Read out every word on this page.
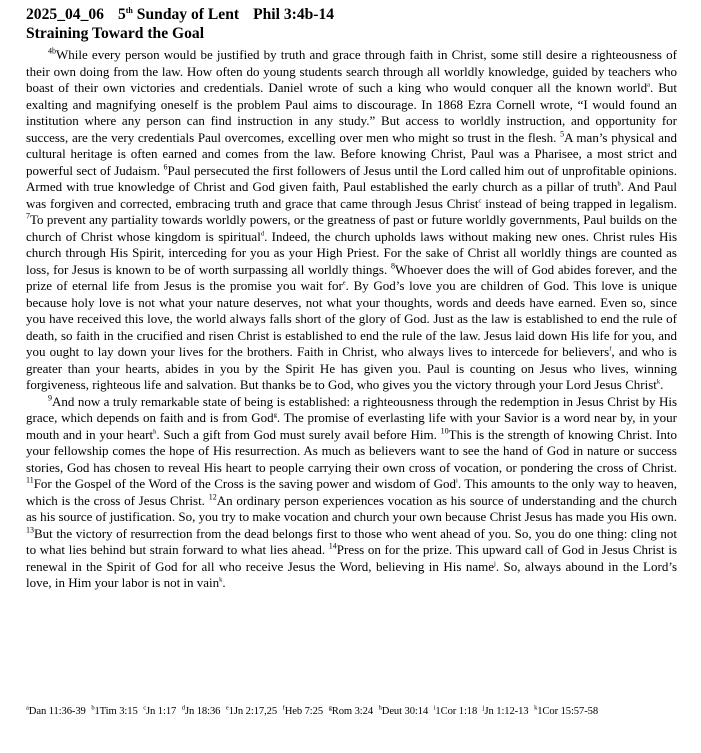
2025_04_06 5th Sunday of Lent Phil 3:4b-14
Straining Toward the Goal

$^{4b}$While every person would be justified by truth and grace through faith in Christ, some still desire a righteousness of their own doing from the law. How often do young students search through all worldly knowledge, guided by teachers who boast of their own victories and credentials. Daniel wrote of such a king who would conquer all the known world$^a$. But exalting and magnifying oneself is the problem Paul aims to discourage. In 1868 Ezra Cornell wrote, “I would found an institution where any person can find instruction in any study.” But access to worldly instruction, and opportunity for success, are the very credentials Paul overcomes, excelling over men who might so trust in the flesh. $^5$A man’s physical and cultural heritage is often earned and comes from the law. Before knowing Christ, Paul was a Pharisee, a most strict and powerful sect of Judaism. $^6$Paul persecuted the first followers of Jesus until the Lord called him out of unprofitable opinions. Armed with true knowledge of Christ and God given faith, Paul established the early church as a pillar of truth$^b$. And Paul was forgiven and corrected, embracing truth and grace that came through Jesus Christ$^c$ instead of being trapped in legalism. $^7$To prevent any partiality towards worldly powers, or the greatness of past or future worldly governments, Paul builds on the church of Christ whose kingdom is spiritual$^d$. Indeed, the church upholds laws without making new ones. Christ rules His church through His Spirit, interceding for you as your High Priest. For the sake of Christ all worldly things are counted as loss, for Jesus is known to be of worth surpassing all worldly things. $^8$Whoever does the will of God abides forever, and the prize of eternal life from Jesus is the promise you wait for$^e$. By God’s love you are children of God. This love is unique because holy love is not what your nature deserves, not what your thoughts, words and deeds have earned. Even so, since you have received this love, the world always falls short of the glory of God. Just as the law is established to end the rule of death, so faith in the crucified and risen Christ is established to end the rule of the law. Jesus laid down His life for you, and you ought to lay down your lives for the brothers. Faith in Christ, who always lives to intercede for believers$^f$, and who is greater than your hearts, abides in you by the Spirit He has given you. Paul is counting on Jesus who lives, winning forgiveness, righteous life and salvation. But thanks be to God, who gives you the victory through your Lord Jesus Christ$^k$.

$^9$And now a truly remarkable state of being is established: a righteousness through the redemption in Jesus Christ by His grace, which depends on faith and is from God$^g$. The promise of everlasting life with your Savior is a word near by, in your mouth and in your heart$^h$. Such a gift from God must surely avail before Him. $^{10}$This is the strength of knowing Christ. Into your fellowship comes the hope of His resurrection. As much as believers want to see the hand of God in nature or success stories, God has chosen to reveal His heart to people carrying their own cross of vocation, or pondering the cross of Christ. $^{11}$For the Gospel of the Word of the Cross is the saving power and wisdom of God$^i$. This amounts to the only way to heaven, which is the cross of Jesus Christ. $^{12}$An ordinary person experiences vocation as his source of understanding and the church as his source of justification. So, you try to make vocation and church your own because Christ Jesus has made you His own. $^{13}$But the victory of resurrection from the dead belongs first to those who went ahead of you. So, you do one thing: cling not to what lies behind but strain forward to what lies ahead. $^{14}$Press on for the prize. This upward call of God in Jesus Christ is renewal in the Spirit of God for all who receive Jesus the Word, believing in His name$^j$. So, always abound in the Lord’s love, in Him your labor is not in vain$^k$.

$^a$Dan 11:36-39 $^b$1Tim 3:15 $^c$Jn 1:17 $^d$Jn 18:36 $^e$1Jn 2:17,25 $^f$Heb 7:25 $^g$Rom 3:24 $^h$Deut 30:14 $^i$1Cor 1:18 $^j$Jn 1:12-13 $^k$1Cor 15:57-58
